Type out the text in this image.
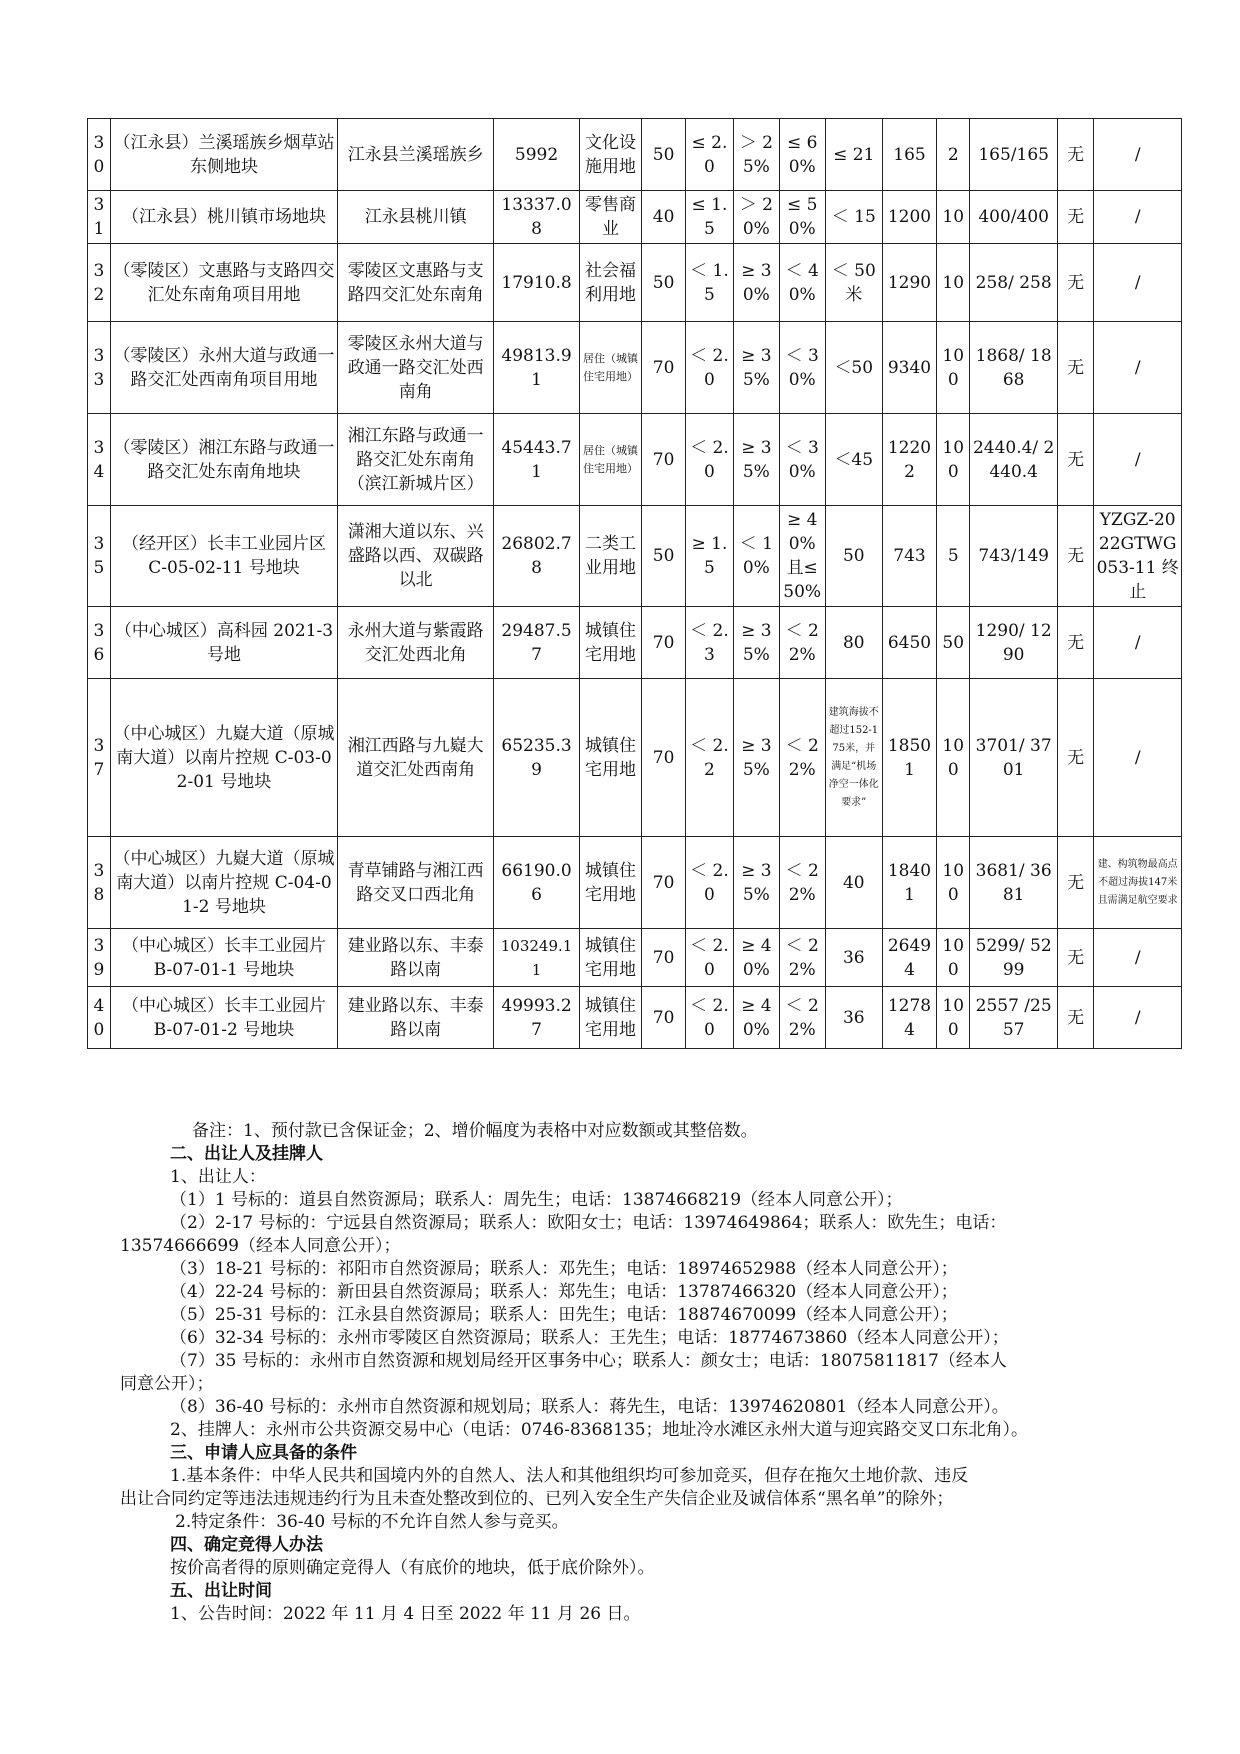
30	（江永县）兰溪瑶族乡烟草站东侧地块	江永县兰溪瑶族乡	5992	文化设施用地	50	≤ 2.0	＞ 25%	≤ 60%	≤ 21	165	2	165/165	无	/
31	（江永县）桃川镇市场地块	江永县桃川镇	13337.08	零售商业	40	≤ 1.5	＞ 20%	≤ 50%	＜ 15	1200	10	400/400	无	/
32	（零陵区）文惠路与支路四交汇处东南角项目用地	零陵区文惠路与支路四交汇处东南角	17910.8	社会福利用地	50	＜ 1.5	≥ 30%	＜ 40%	＜ 50 米	1290	10	258/ 258	无	/
33	（零陵区）永州大道与政通一路交汇处西南角项目用地	零陵区永州大道与政通一路交汇处西南角	49813.91	居住（城镇住宅用地）	70	＜ 2.0	≥ 35%	＜ 30%	＜50	9340	100	1868/ 1868	无	/
34	（零陵区）湘江东路与政通一路交汇处东南角地块	湘江东路与政通一路交汇处东南角（滨江新城片区）	45443.71	居住（城镇住宅用地）	70	＜ 2.0	≥ 35%	＜ 30%	＜45	12202	100	2440.4/ 2440.4	无	/
35	（经开区）长丰工业园片区 C-05-02-11 号地块	潇湘大道以东、兴盛路以西、双碳路以北	26802.78	二类工业用地	50	≥ 1.5	＜ 10%	≥ 40% 且≤ 50%	50	743	5	743/149	无	YZGZ-2022GTWG053-11 终止
36	（中心城区）高科园 2021-3 号地	永州大道与紫霞路交汇处西北角	29487.57	城镇住宅用地	70	＜ 2.3	≥ 35%	＜ 22%	80	6450	50	1290/ 1290	无	/
37	（中心城区）九嶷大道（原城南大道）以南片控规 C-03-02-01 号地块	湘江西路与九嶷大道交汇处西南角	65235.39	城镇住宅用地	70	＜ 2.2	≥ 35%	＜ 22%	建筑海拔不超过152-175米，并满足“机场净空一体化要求”	18501	100	3701/ 3701	无	/
38	（中心城区）九嶷大道（原城南大道）以南片控规 C-04-01-2 号地块	青草铺路与湘江西路交叉口西北角	66190.06	城镇住宅用地	70	＜ 2.0	≥ 35%	＜ 22%	40	18401	100	3681/ 3681	无	建、构筑物最高点不超过海拔147米且需满足航空要求
39	（中心城区）长丰工业园片 B-07-01-1 号地块	建业路以东、丰泰路以南	103249.11	城镇住宅用地	70	＜ 2.0	≥ 40%	＜ 22%	36	26494	100	5299/ 5299	无	/
40	（中心城区）长丰工业园片 B-07-01-2 号地块	建业路以东、丰泰路以南	49993.27	城镇住宅用地	70	＜ 2.0	≥ 40%	＜ 22%	36	12784	100	2557 /2557	无	/

备注：1、预付款已含保证金；2、增价幅度为表格中对应数额或其整倍数。

二、出让人及挂牌人

1、出让人：

（1）1 号标的：道县自然资源局；联系人：周先生；电话：13874668219（经本人同意公开）；

（2）2-17 号标的：宁远县自然资源局；联系人：欧阳女士；电话：13974649864；联系人：欧先生；电话：

13574666699（经本人同意公开）；

（3）18-21 号标的：祁阳市自然资源局；联系人：邓先生；电话：18974652988（经本人同意公开）；

（4）22-24 号标的：新田县自然资源局；联系人：郑先生；电话：13787466320（经本人同意公开）；

（5）25-31 号标的：江永县自然资源局；联系人：田先生；电话：18874670099（经本人同意公开）；

（6）32-34 号标的：永州市零陵区自然资源局；联系人：王先生；电话：18774673860（经本人同意公开）；

（7）35 号标的：永州市自然资源和规划局经开区事务中心；联系人：颜女士；电话：18075811817（经本人

同意公开）；

（8）36-40 号标的：永州市自然资源和规划局；联系人：蒋先生，电话：13974620801（经本人同意公开）。

2、挂牌人：永州市公共资源交易中心（电话：0746-8368135；地址冷水滩区永州大道与迎宾路交叉口东北角）。

三、申请人应具备的条件

1.基本条件：中华人民共和国境内外的自然人、法人和其他组织均可参加竞买，但存在拖欠土地价款、违反

出让合同约定等违法违规违约行为且未查处整改到位的、已列入安全生产失信企业及诚信体系“黑名单”的除外；

2.特定条件：36-40 号标的不允许自然人参与竞买。

四、确定竞得人办法

按价高者得的原则确定竞得人（有底价的地块，低于底价除外）。

五、出让时间

1、公告时间：2022 年 11 月 4 日至 2022 年 11 月 26 日。
